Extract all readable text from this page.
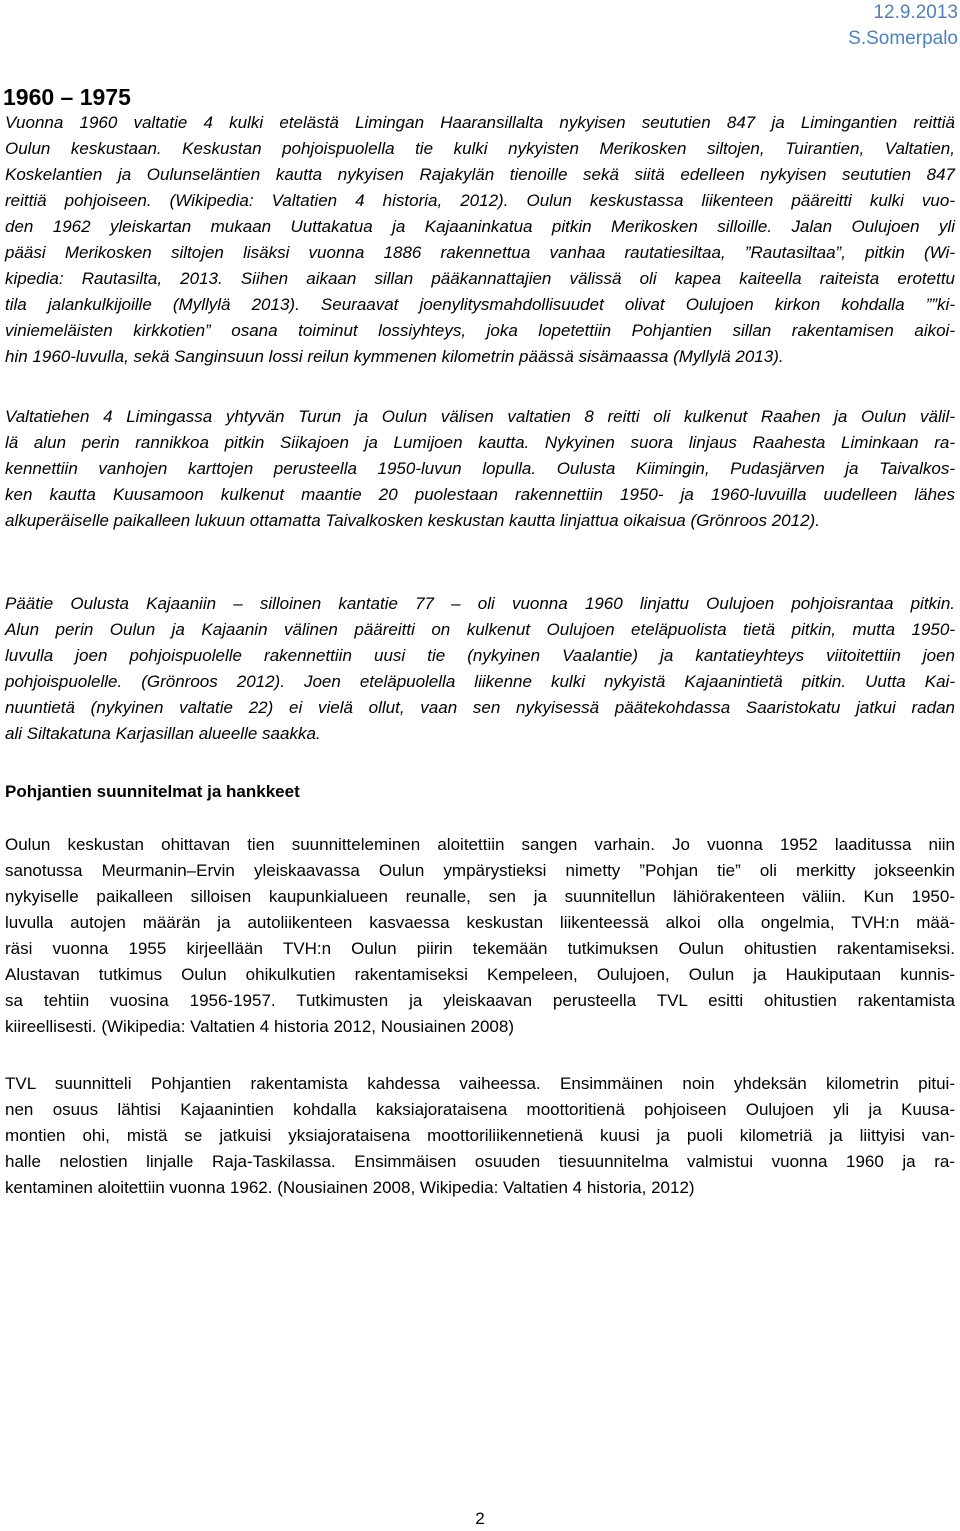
12.9.2013
S.Somerpalo
1960 – 1975
Vuonna 1960 valtatie 4 kulki etelästä Limingan Haaransillalta nykyisen seututien 847 ja Limingantien reittiä Oulun keskustaan. Keskustan pohjoispuolella tie kulki nykyisten Merikosken siltojen, Tuirantien, Valtatien, Koskelantien ja Oulunseläntien kautta nykyisen Rajakylän tienoille sekä siitä edelleen nykyisen seututien 847 reittiä pohjoiseen. (Wikipedia: Valtatien 4 historia, 2012). Oulun keskustassa liikenteen pääreitti kulki vuo- den 1962 yleiskartan mukaan Uuttakatua ja Kajaaninkatua pitkin Merikosken silloille. Jalan Oulujoen yli pääsi Merikosken siltojen lisäksi vuonna 1886 rakennettua vanhaa rautatiesiltaa, ”Rautasiltaa”, pitkin (Wi- kipedia: Rautasilta, 2013. Siihen aikaan sillan pääkannattajien välissä oli kapea kaiteella raiteista erotettu tila jalankulkijoille (Myllylä 2013). Seuraavat joenylitysmahdollisuudet olivat Oulujoen kirkon kohdalla ””ki- viniemeläisten kirkkotien” osana toiminut lossiyhteys, joka lopetettiin Pohjantien sillan rakentamisen aikoi- hin 1960-luvulla, sekä Sanginsuun lossi reilun kymmenen kilometrin päässä sisämaassa (Myllylä 2013).
Valtatiehen 4 Limingassa yhtyvän Turun ja Oulun välisen valtatien 8 reitti oli kulkenut Raahen ja Oulun välil- lä alun perin rannikkoa pitkin Siikajoen ja Lumijoen kautta. Nykyinen suora linjaus Raahesta Liminkaan ra- kennettiin vanhojen karttojen perusteella 1950-luvun lopulla. Oulusta Kiimingin, Pudasjärven ja Taivalkos- ken kautta Kuusamoon kulkenut maantie 20 puolestaan rakennettiin 1950- ja 1960-luvuilla uudelleen lähes alkuperäiselle paikalleen lukuun ottamatta Taivalkosken keskustan kautta linjattua oikaisua (Grönroos 2012).
Päätie Oulusta Kajaaniin – silloinen kantatie 77 – oli vuonna 1960 linjattu Oulujoen pohjoisrantaa pitkin. Alun perin Oulun ja Kajaanin välinen pääreitti on kulkenut Oulujoen eteläpuolista tietä pitkin, mutta 1950- luvulla joen pohjoispuolelle rakennettiin uusi tie (nykyinen Vaalantie) ja kantatieyhteys viitoitettiin joen pohjoispuolelle. (Grönroos 2012). Joen eteläpuolella liikenne kulki nykyistä Kajaanintietä pitkin. Uutta Kai- nuuntietä (nykyinen valtatie 22) ei vielä ollut, vaan sen nykyisessä päätekohdassa Saaristokatu jatkui radan ali Siltakatuna Karjasillan alueelle saakka.
Pohjantien suunnitelmat ja hankkeet
Oulun keskustan ohittavan tien suunnitteleminen aloitettiin sangen varhain. Jo vuonna 1952 laaditussa niin sanotussa Meurmanin–Ervin yleiskaavassa Oulun ympärystieksi nimetty ”Pohjan tie” oli merkitty jokseenkin nykyiselle paikalleen silloisen kaupunkialueen reunalle, sen ja suunnitellun lähiörakenteen väliin. Kun 1950- luvulla autojen määrän ja autoliikenteen kasvaessa keskustan liikenteessä alkoi olla ongelmia, TVH:n mää- räsi vuonna 1955 kirjeellään TVH:n Oulun piirin tekemään tutkimuksen Oulun ohitustien rakentamiseksi. Alustavan tutkimus Oulun ohikulkutien rakentamiseksi Kempeleen, Oulujoen, Oulun ja Haukiputaan kunnis- sa tehtiin vuosina 1956-1957. Tutkimusten ja yleiskaavan perusteella TVL esitti ohitustien rakentamista kiireellisesti. (Wikipedia: Valtatien 4 historia 2012, Nousiainen 2008)
TVL suunnitteli Pohjantien rakentamista kahdessa vaiheessa. Ensimmäinen noin yhdeksän kilometrin pitui- nen osuus lähtisi Kajaanintien kohdalla kaksiajorataisena moottoritienä pohjoiseen Oulujoen yli ja Kuusa- montien ohi, mistä se jatkuisi yksiajorataisena moottoriliikennetienä kuusi ja puoli kilometriä ja liittyisi van- halle nelostien linjalle Raja-Taskilassa. Ensimmäisen osuuden tiesuunnitelma valmistui vuonna 1960 ja ra- kentaminen aloitettiin vuonna 1962. (Nousiainen 2008, Wikipedia: Valtatien 4 historia, 2012)
2
